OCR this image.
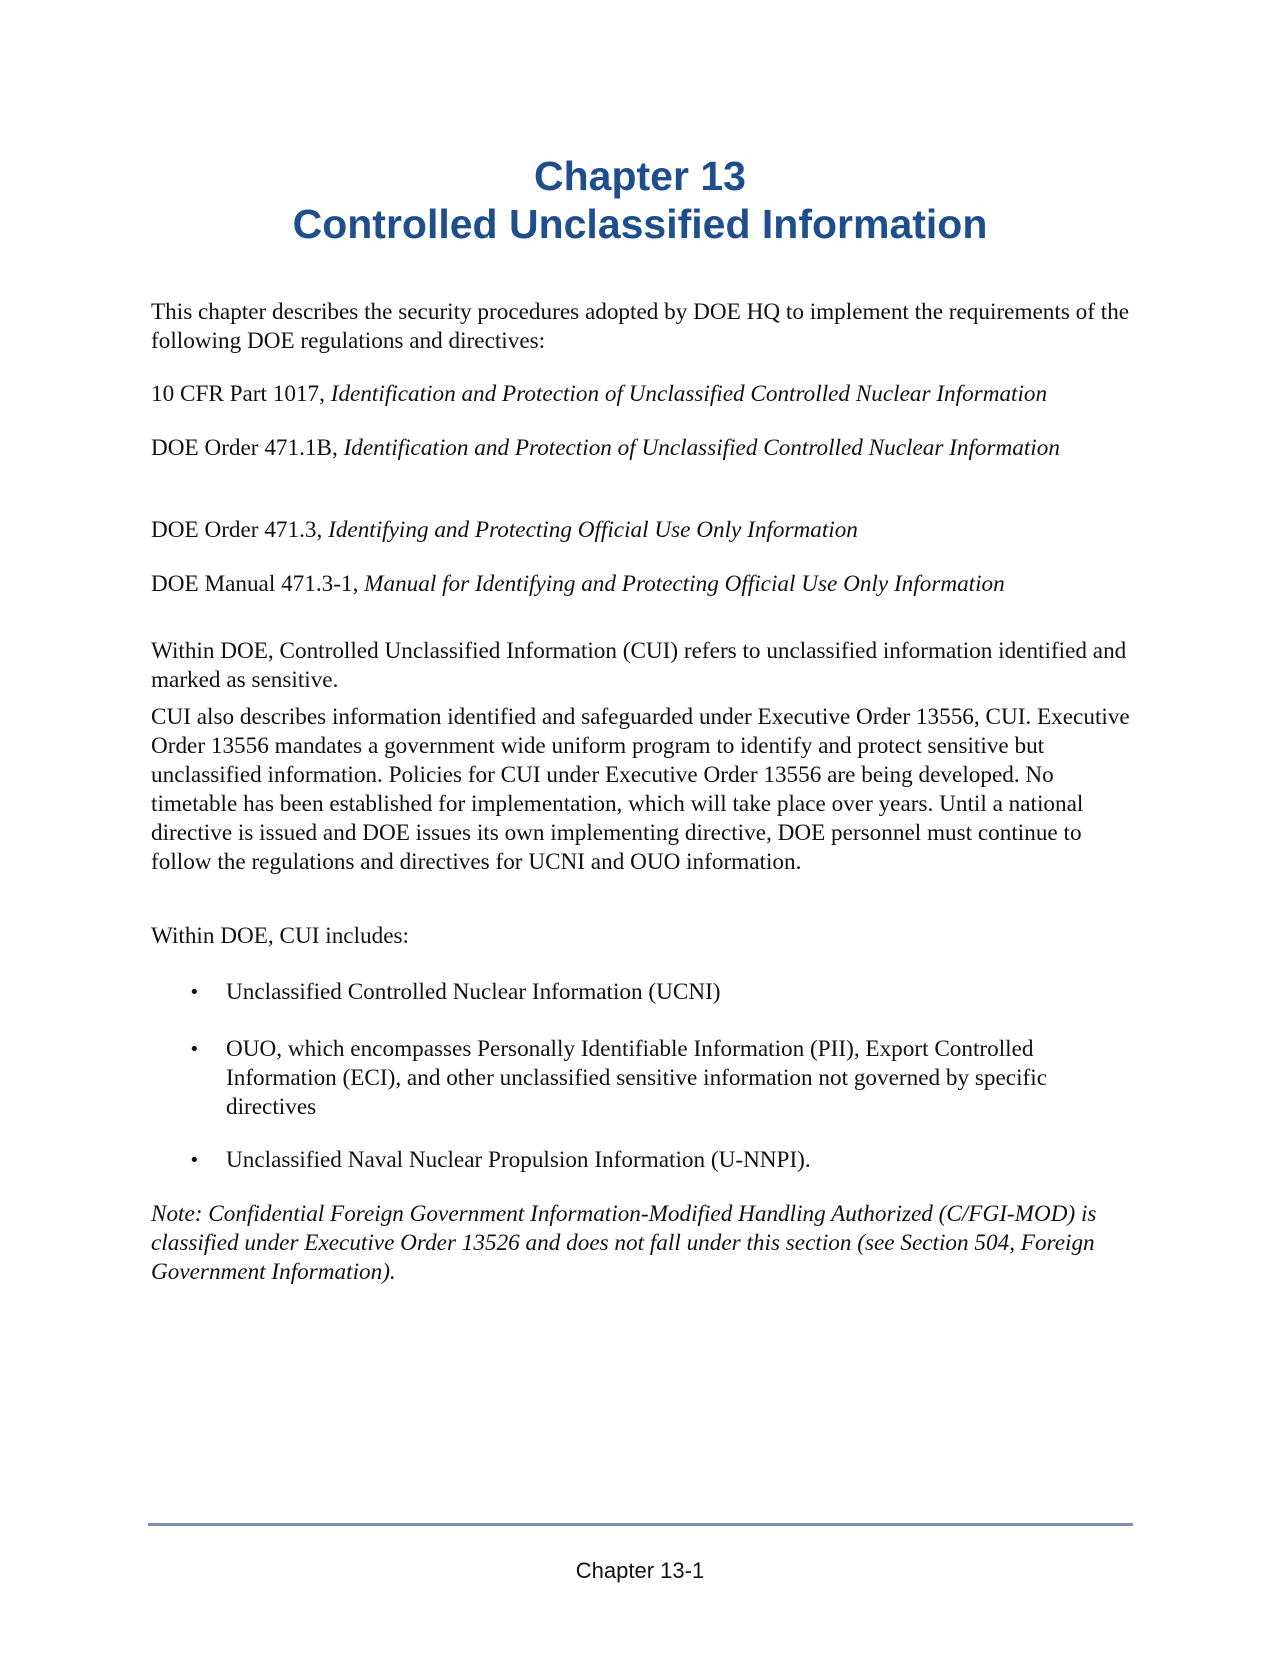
Chapter 13
Controlled Unclassified Information

This chapter describes the security procedures adopted by DOE HQ to implement the requirements of the following DOE regulations and directives:

10 CFR Part 1017, Identification and Protection of Unclassified Controlled Nuclear Information

DOE Order 471.1B, Identification and Protection of Unclassified Controlled Nuclear Information

DOE Order 471.3, Identifying and Protecting Official Use Only Information

DOE Manual 471.3-1, Manual for Identifying and Protecting Official Use Only Information

Within DOE, Controlled Unclassified Information (CUI) refers to unclassified information identified and marked as sensitive.

CUI also describes information identified and safeguarded under Executive Order 13556, CUI. Executive Order 13556 mandates a government wide uniform program to identify and protect sensitive but unclassified information. Policies for CUI under Executive Order 13556 are being developed. No timetable has been established for implementation, which will take place over years. Until a national directive is issued and DOE issues its own implementing directive, DOE personnel must continue to follow the regulations and directives for UCNI and OUO information.

Within DOE, CUI includes:

• Unclassified Controlled Nuclear Information (UCNI)
• OUO, which encompasses Personally Identifiable Information (PII), Export Controlled Information (ECI), and other unclassified sensitive information not governed by specific directives
• Unclassified Naval Nuclear Propulsion Information (U-NNPI).

Note: Confidential Foreign Government Information-Modified Handling Authorized (C/FGI-MOD) is classified under Executive Order 13526 and does not fall under this section (see Section 504, Foreign Government Information).

Chapter 13-1
